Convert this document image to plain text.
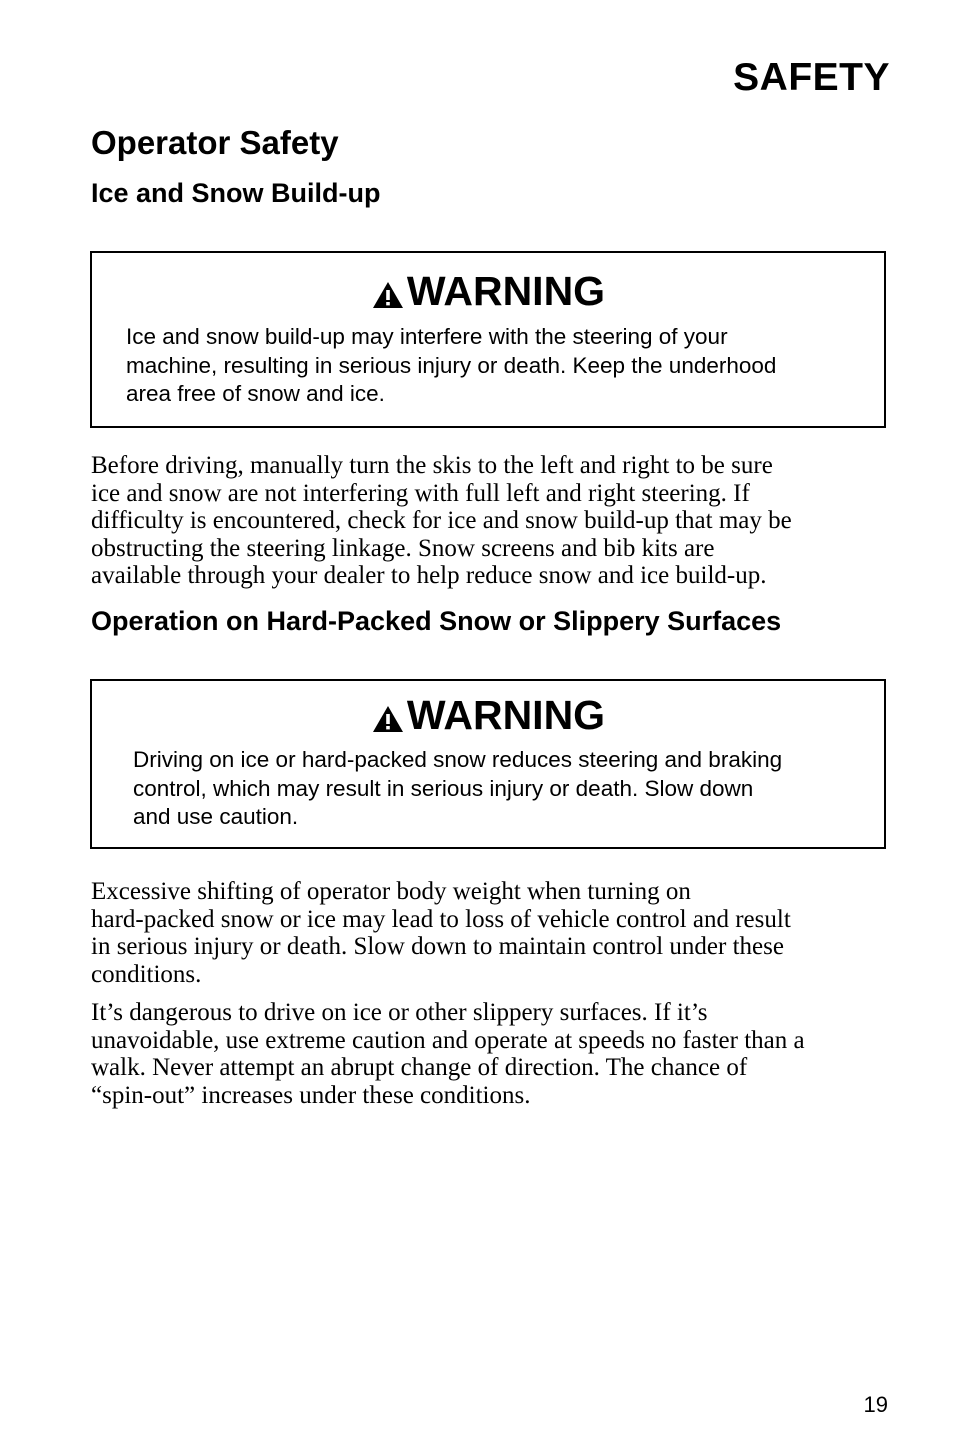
SAFETY
Operator Safety
Ice and Snow Build-up
WARNING

Ice and snow build-up may interfere with the steering of your
machine, resulting in serious injury or death. Keep the underhood
area free of snow and ice.

Before driving, manually turn the skis to the left and right to be sure
ice and snow are not interfering with full left and right steering. If
difficulty is encountered, check for ice and snow build-up that may be
obstructing the steering linkage. Snow screens and bib kits are
available through your dealer to help reduce snow and ice build-up.

Operation on Hard-Packed Snow or Slippery Surfaces
WARNING

Driving on ice or hard-packed snow reduces steering and braking
control, which may result in serious injury or death. Slow down
and use caution.

Excessive shifting of operator body weight when turning on
hard-packed snow or ice may lead to loss of vehicle control and result
in serious injury or death. Slow down to maintain control under these
conditions.

It’s dangerous to drive on ice or other slippery surfaces. If it’s
unavoidable, use extreme caution and operate at speeds no faster than a
walk. Never attempt an abrupt change of direction. The chance of
“spin-out” increases under these conditions.

19
